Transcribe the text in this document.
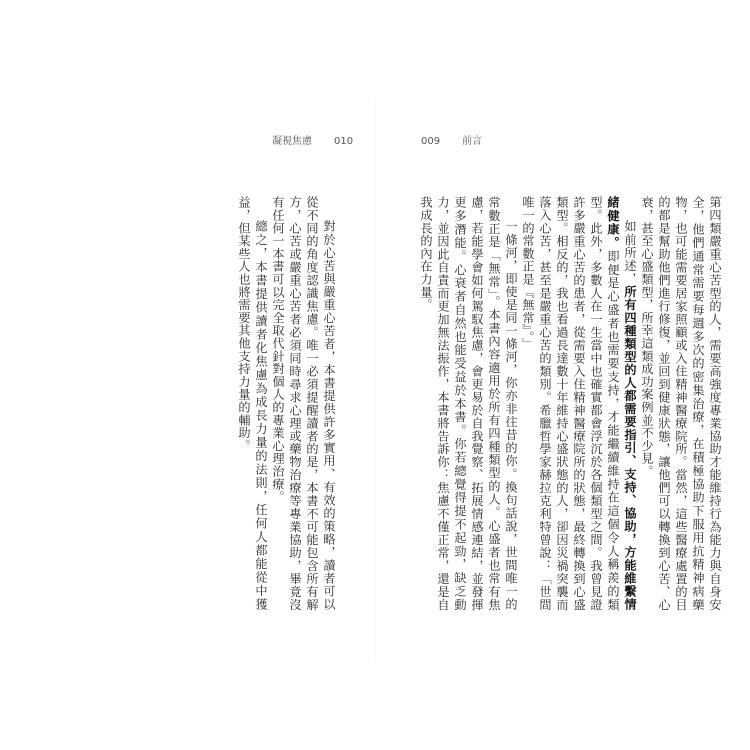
凝視焦慮 010	009 前言

第四類嚴重心苦型的人，需要高強度專業協助才能維持行為能力與自身安全，他們通常需要每週多次的密集治療，在積極協助下服用抗精神病藥物，也可能需要居家照顧或入住精神醫療院所。當然，這些醫療處置的目的都是幫助他們進行修復，並回到健康狀態，讓他們可以轉換到心苦、心衰，甚至心盛類型，所幸這類成功案例並不少見。

如前所述，所有四種類型的人都需要指引、支持、協助，方能維繫情緒健康。即便是心盛者也需要支持，才能繼續維持在這個令人稱羨的類型。此外，多數人在一生當中也確實都會浮沉於各個類型之間。我曾見證許多嚴重心苦的患者，從需要入住精神醫療院所的狀態，最終轉換到心盛類型。相反的，我也看過長達數十年維持心盛狀態的人，卻因災禍突襲而落入心苦，甚至是嚴重心苦的類別。希臘哲學家赫拉克利特曾說：「世間唯一的常數正是『無常』。」

一條河，即使是同一條河，你亦非往昔的你。換句話說，世間唯一的常數正是「無常」。本書內容適用於所有四種類型的人。心盛者也常有焦慮，若能學會如何駕馭焦慮，會更易於自我覺察、拓展情感連結，並發揮更多潛能。心衰者自然也能受益於本書。你若總覺得提不起勁，缺乏動力，並因此自責而更加無法振作，本書將告訴你：焦慮不僅正常，還是自我成長的內在力量。

對於心苦與嚴重心苦者，本書提供許多實用、有效的策略，讀者可以從不同的角度認識焦慮。唯一必須提醒讀者的是，本書不可能包含所有解方，心苦或嚴重心苦者必須同時尋求心理或藥物治療等專業協助，畢竟沒有任何一本書可以完全取代針對個人的專業心理治療。

總之，本書提供讀者化焦慮為成長力量的法則，任何人都能從中獲益，但某些人也將需要其他支持力量的輔助。
